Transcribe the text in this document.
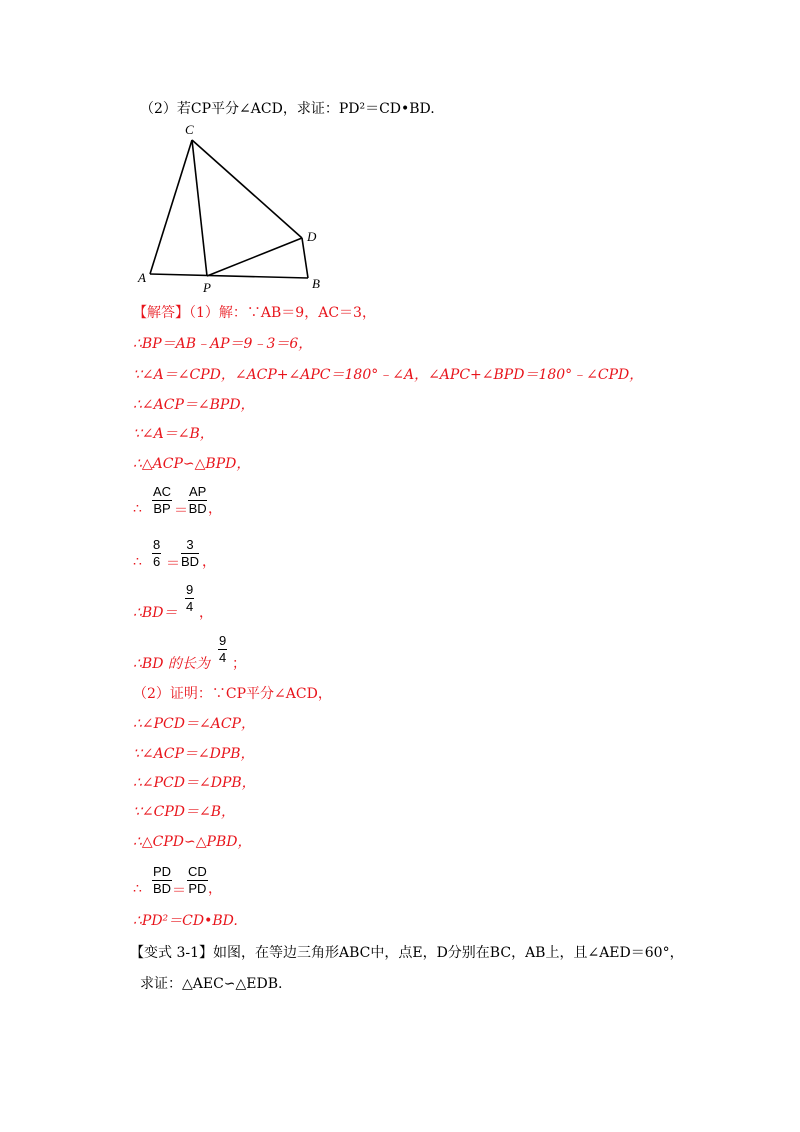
（2）若CP平分∠ACD，求证：PD²＝CD•BD.
C
D
A
P	B
【解答】（1）解：∵AB＝9，AC＝3，
∴BP＝AB﹣AP＝9﹣3＝6，
∵∠A＝∠CPD，∠ACP+∠APC＝180°﹣∠A，∠APC+∠BPD＝180°﹣∠CPD，
∴∠ACP＝∠BPD，
∵∠A＝∠B，
∴△ACP∽△BPD，
∴ $\frac{AC}{BP} = \frac{AP}{BD}$ ，
∴ $\frac{8}{6} = \frac{3}{BD}$ ，
∴BD＝ $\frac{9}{4}$ ，
∴BD 的长为 $\frac{9}{4}$ ；
（2）证明：∵CP平分∠ACD，
∴∠PCD＝∠ACP，
∵∠ACP＝∠DPB，
∴∠PCD＝∠DPB，
∵∠CPD＝∠B，
∴△CPD∽△PBD，
∴ $\frac{PD}{BD} = \frac{CD}{PD}$ ，
∴PD²＝CD•BD.
【变式 3-1】如图，在等边三角形ABC中，点E，D分别在BC，AB上，且∠AED＝60°，
求证：△AEC∽△EDB.
